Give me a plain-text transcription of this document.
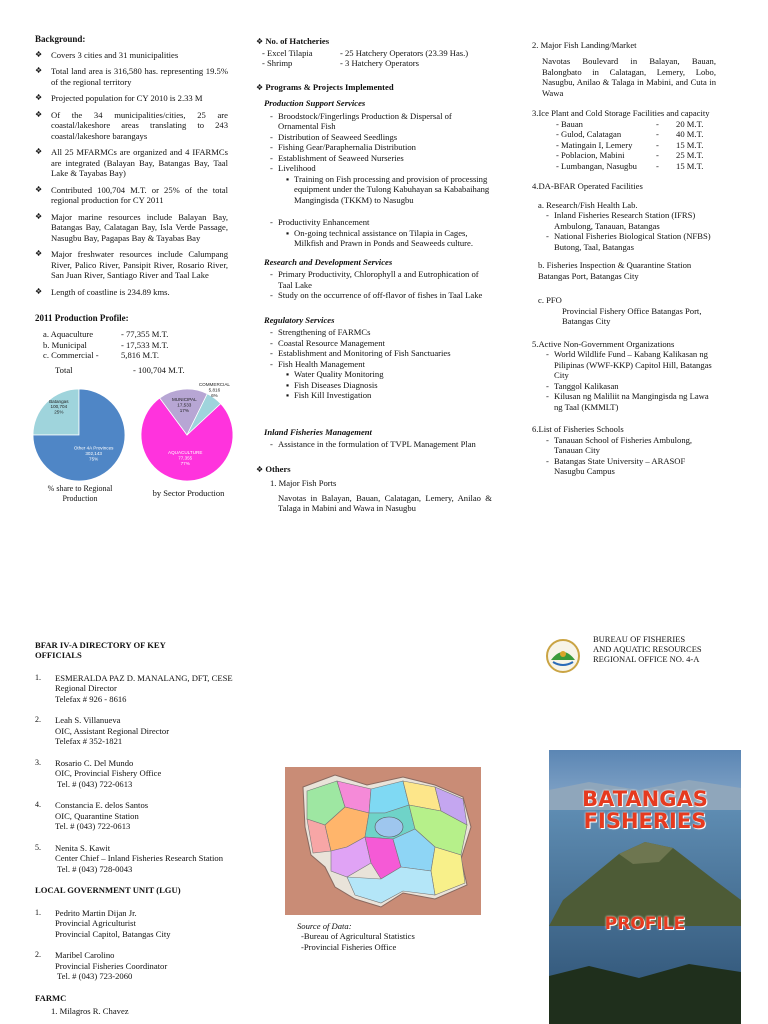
Background:
❖ Covers 3 cities and 31 municipalities
❖ Total land area is 316,580 has. representing 19.5% of the regional territory
❖ Projected population for CY 2010 is 2.33 M
❖ Of the 34 municipalities/cities, 25 are coastal/lakeshore areas translating to 243 coastal/lakeshore barangays
❖ All 25 MFARMCs are organized and 4 IFARMCs are integrated (Balayan Bay, Batangas Bay, Taal Lake & Tayabas Bay)
❖ Contributed 100,704 M.T. or 25% of the total regional production for CY 2011
❖ Major marine resources include Balayan Bay, Batangas Bay, Calatagan Bay, Isla Verde Passage, Nasugbu Bay, Pagapas Bay & Tayabas Bay
❖ Major freshwater resources include Calumpang River, Palico River, Pansipit River, Rosario River, San Juan River, Santiago River and Taal Lake
❖ Length of coastline is 234.89 kms.
2011 Production Profile:
a. Aquaculture	- 77,355 M.T.
b. Municipal	- 17,533 M.T.
c. Commercial -	5,816 M.T.
Total	- 100,704 M.T.
Batangas 100,704 25%
Other 4A Provinces 302,143 75%
AQUACULTURE 77,355 77%
MUNICIPAL 17,533 17%
COMMERCIAL 5,816 6%
% share to Regional Production
by Sector Production
❖ No. of Hatcheries
- Excel Tilapia	- 25 Hatchery Operators (23.39 Has.)
- Shrimp	- 3 Hatchery Operators
❖ Programs & Projects Implemented
Production Support Services
- Broodstock/Fingerlings Production & Dispersal of Ornamental Fish
- Distribution of Seaweed Seedlings
- Fishing Gear/Paraphernalia Distribution
- Establishment of Seaweed Nurseries
- Livelihood
▪ Training on Fish processing and provision of processing equipment under the Tulong Kabuhayan sa Kababaihang Mangingisda (TKKM) to Nasugbu
- Productivity Enhancement
▪ On-going technical assistance on Tilapia in Cages, Milkfish and Prawn in Ponds and Seaweeds culture.
Research and Development Services
- Primary Productivity, Chlorophyll a and Eutrophication of Taal Lake
- Study on the occurrence of off-flavor of fishes in Taal Lake
Regulatory Services
- Strengthening of FARMCs
- Coastal Resource Management
- Establishment and Monitoring of Fish Sanctuaries
- Fish Health Management
▪ Water Quality Monitoring
▪ Fish Diseases Diagnosis
▪ Fish Kill Investigation
Inland Fisheries Management
- Assistance in the formulation of TVPL Management Plan
❖ Others
1. Major Fish Ports
Navotas in Balayan, Bauan, Calatagan, Lemery, Anilao & Talaga in Mabini and Wawa in Nasugbu
2. Major Fish Landing/Market
Navotas Boulevard in Balayan, Bauan, Balongbato in Calatagan, Lemery, Lobo, Nasugbu, Anilao & Talaga in Mabini, and Cuta in Wawa
3.Ice Plant and Cold Storage Facilities and capacity
- Bauan	-        20 M.T.
- Gulod, Calatagan	-        40 M.T.
- Matingain I, Lemery	-        15 M.T.
- Poblacion, Mabini	-        25 M.T.
- Lumbangan, Nasugbu	-        15 M.T.
4.DA-BFAR Operated Facilities
a. Research/Fish Health Lab.
- Inland Fisheries Research Station (IFRS) Ambulong, Tanauan, Batangas
- National Fisheries Biological Station (NFBS) Butong, Taal, Batangas
b. Fisheries Inspection & Quarantine Station Batangas Port, Batangas City
c. PFO
Provincial Fishery Office Batangas Port, Batangas City
5.Active Non-Government Organizations
- World Wildlife Fund – Kabang Kalikasan ng Pilipinas (WWF-KKP) Capitol Hill, Batangas City
- Tanggol Kalikasan
- Kilusan ng Maliliit na Mangingisda ng Lawa ng Taal (KMMLT)
6.List of Fisheries Schools
- Tanauan School of Fisheries Ambulong, Tanauan City
- Batangas State University – ARASOF Nasugbu Campus
BFAR IV-A DIRECTORY OF KEY OFFICIALS
1.	ESMERALDA PAZ D. MANALANG, DFT, CESE
Regional Director
Telefax # 926 - 8616
2.	Leah S. Villanueva
OIC, Assistant Regional Director
Telefax # 352-1821
3.	Rosario C. Del Mundo
OIC, Provincial Fishery Office
Tel. # (043) 722-0613
4.	Constancia E. delos Santos
OIC, Quarantine Station
Tel. # (043) 722-0613
5.	Nenita S. Kawit
Center Chief – Inland Fisheries Research Station
Tel. # (043) 728-0043
LOCAL GOVERNMENT UNIT (LGU)
1.	Pedrito Martin Dijan Jr.
Provincial Agriculturist
Provincial Capitol, Batangas City
2.	Maribel Carolino
Provincial Fisheries Coordinator
Tel. # (043) 723-2060
FARMC
1. Milagros R. Chavez
Source of Data:
-Bureau of Agricultural Statistics
-Provincial Fisheries Office
BUREAU OF FISHERIES
AND AQUATIC RESOURCES
REGIONAL OFFICE NO. 4-A
BATANGAS
FISHERIES
PROFILE
